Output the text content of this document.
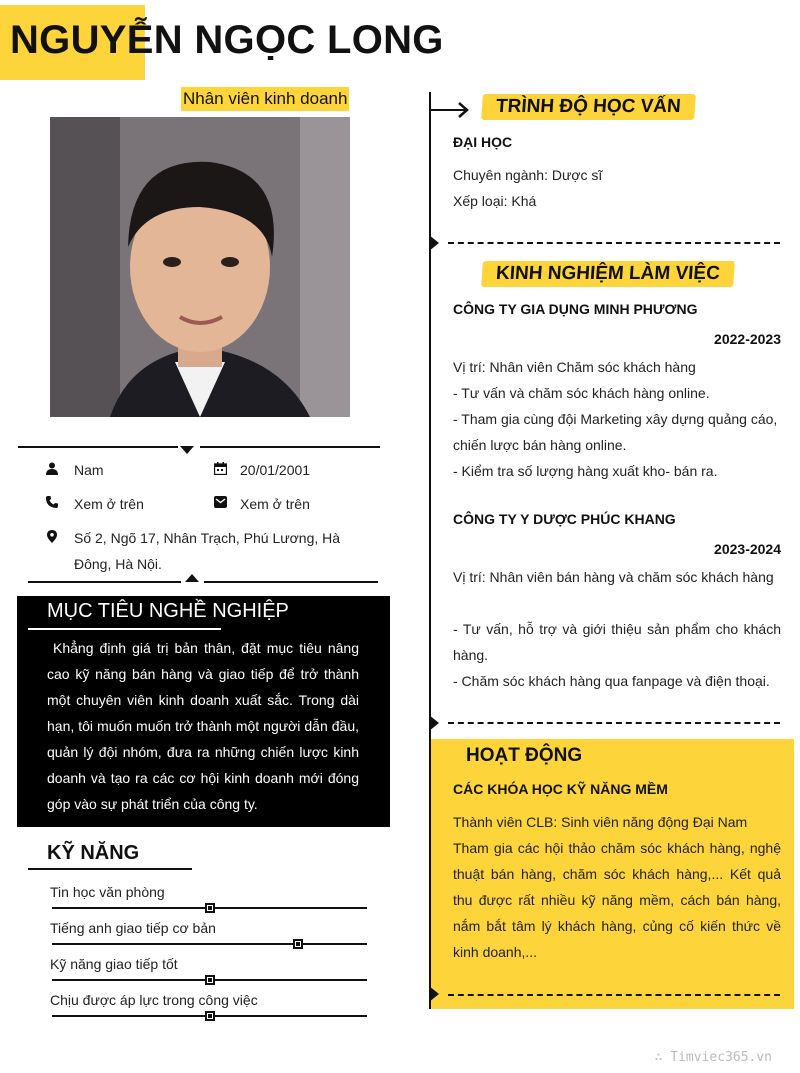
NGUYỄN NGỌC LONG
Nhân viên kinh doanh
Nam	20/01/2001
Xem ở trên	Xem ở trên
Số 2, Ngõ 17, Nhân Trạch, Phú Lương, Hà
Đông, Hà Nội.
MỤC TIÊU NGHỀ NGHIỆP
Khẳng định giá trị bản thân, đặt mục tiêu nâng cao kỹ năng bán hàng và giao tiếp để trở thành một chuyên viên kinh doanh xuất sắc. Trong dài hạn, tôi muốn muốn trở thành một người dẫn đầu, quản lý đội nhóm, đưa ra những chiến lược kinh doanh và tạo ra các cơ hội kinh doanh mới đóng góp vào sự phát triển của công ty.
KỸ NĂNG
Tin học văn phòng
Tiếng anh giao tiếp cơ bản
Kỹ năng giao tiếp tốt
Chịu được áp lực trong công việc
TRÌNH ĐỘ HỌC VẤN
ĐẠI HỌC
Chuyên ngành: Dược sĩ
Xếp loại: Khá
KINH NGHIỆM LÀM VIỆC
CÔNG TY GIA DỤNG MINH PHƯƠNG
2022-2023
Vị trí: Nhân viên Chăm sóc khách hàng
- Tư vấn và chăm sóc khách hàng online.
- Tham gia cùng đội Marketing xây dựng quảng cáo,
chiến lược bán hàng online.
- Kiểm tra số lượng hàng xuất kho- bán ra.
CÔNG TY Y DƯỢC PHÚC KHANG
2023-2024
Vị trí: Nhân viên bán hàng và chăm sóc khách hàng
- Tư vấn, hỗ trợ và giới thiệu sản phẩm cho khách hàng.
- Chăm sóc khách hàng qua fanpage và điện thoại.
HOẠT ĐỘNG
CÁC KHÓA HỌC KỸ NĂNG MỀM
Thành viên CLB: Sinh viên năng động Đại Nam
Tham gia các hội thảo chăm sóc khách hàng, nghệ thuật bán hàng, chăm sóc khách hàng,... Kết quả thu được rất nhiều kỹ năng mềm, cách bán hàng, nắm bắt tâm lý khách hàng, củng cố kiến thức về kinh doanh,...
∴ Timviec365.vn
